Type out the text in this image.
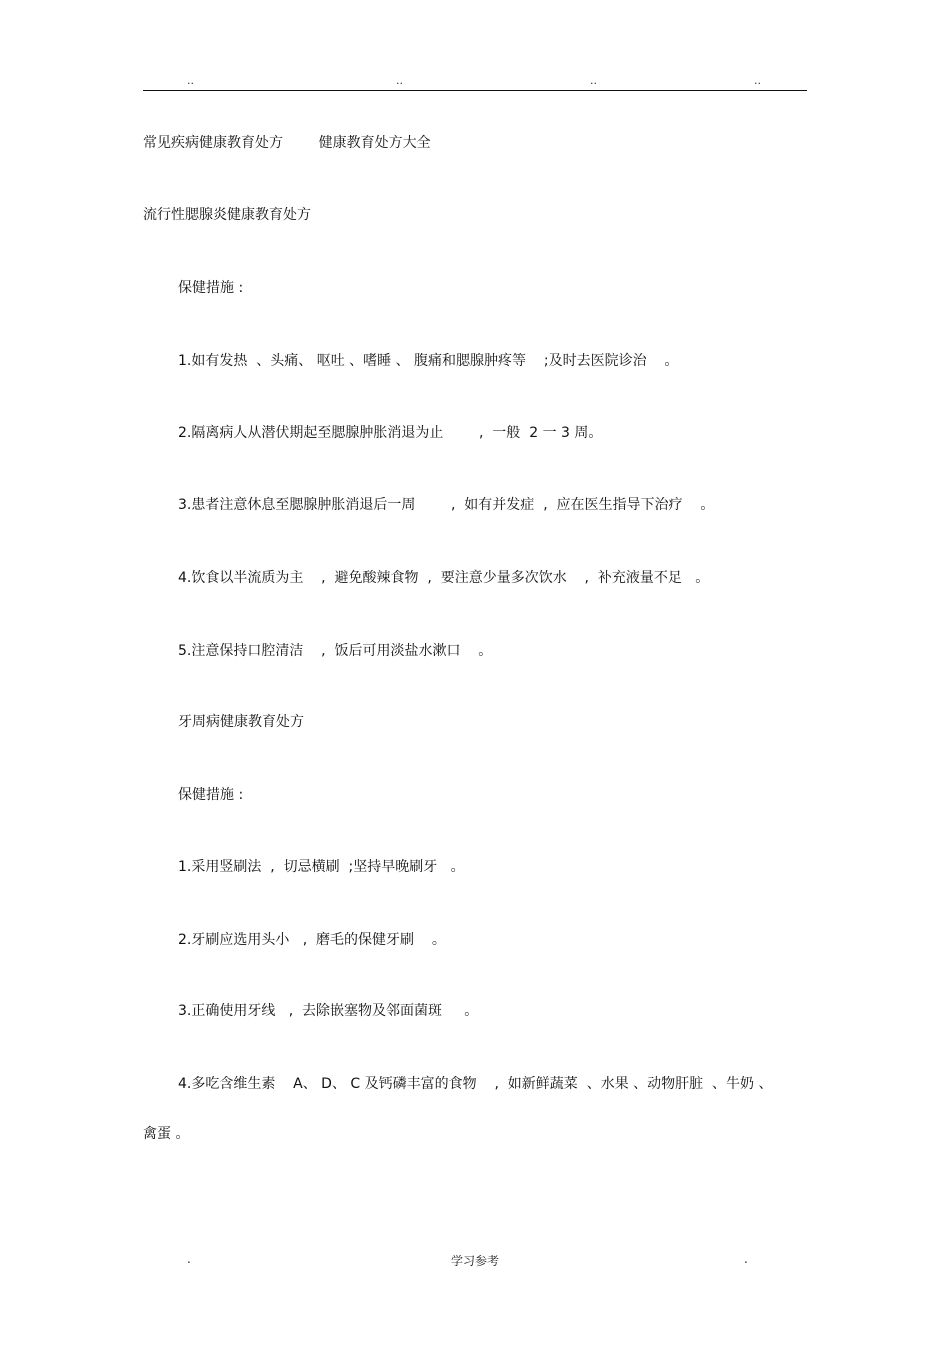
..	..	..	..
常见疾病健康教育处方        健康教育处方大全
流行性腮腺炎健康教育处方
保健措施 :
1.如有发热  、头痛、 呕吐 、嗜睡 、 腹痛和腮腺肿疼等    ;及时去医院诊治    。
2.隔离病人从潜伏期起至腮腺肿胀消退为止        ,  一般  2 一 3 周。
3.患者注意休息至腮腺肿胀消退后一周        ,  如有并发症  ,  应在医生指导下治疗    。
4.饮食以半流质为主    ,  避免酸辣食物  ,  要注意少量多次饮水    ,  补充液量不足   。
5.注意保持口腔清洁    ,  饭后可用淡盐水漱口    。
牙周病健康教育处方
保健措施 :
1.采用竖刷法  ,  切忌横刷  ;坚持早晚刷牙   。
2.牙刷应选用头小   ,  磨毛的保健牙刷    。
3.正确使用牙线   ,  去除嵌塞物及邻面菌斑     。
4.多吃含维生素    A、 D、 C 及钙磷丰富的食物    ,  如新鲜蔬菜  、水果 、动物肝脏  、牛奶 、
禽蛋 。
.	学习参考	.
